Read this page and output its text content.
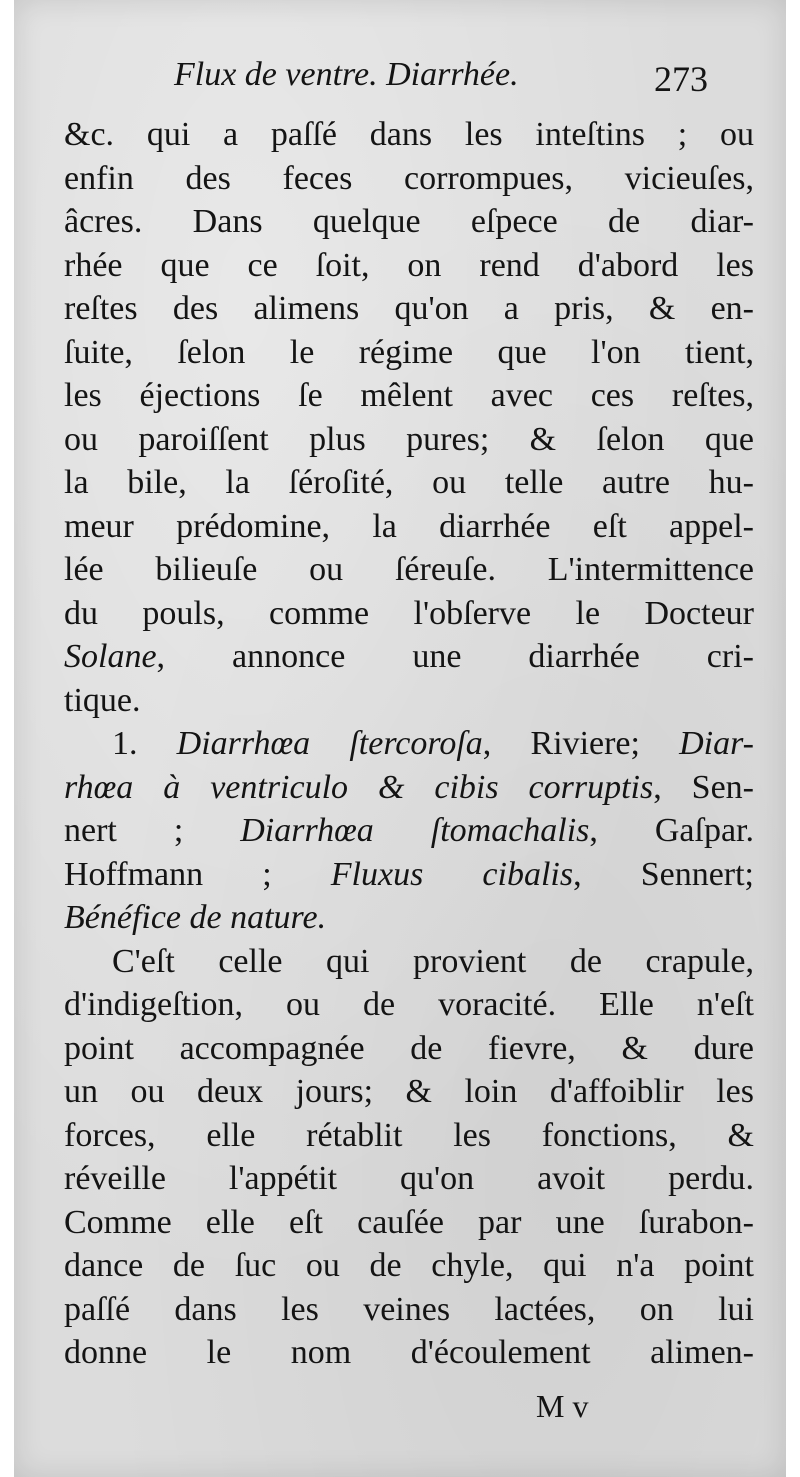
Flux de ventre. Diarrhée.	273
&c. qui a paſſé dans les inteſtins ; ou
enfin des feces corrompues, vicieuſes,
âcres. Dans quelque eſpece de diar-
rhée que ce ſoit, on rend d'abord les
reſtes des alimens qu'on a pris, & en-
ſuite, ſelon le régime que l'on tient,
les éjections ſe mêlent avec ces reſtes,
ou paroiſſent plus pures; & ſelon que
la bile, la ſéroſité, ou telle autre hu-
meur prédomine, la diarrhée eſt appel-
lée bilieuſe ou ſéreuſe. L'intermittence
du pouls, comme l'obſerve le Docteur
Solane, annonce une diarrhée cri-
tique.
1. Diarrhœa ſtercoroſa, Riviere; Diar-
rhœa à ventriculo & cibis corruptis, Sen-
nert ; Diarrhœa ſtomachalis, Gaſpar.
Hoffmann ; Fluxus cibalis, Sennert;
Bénéfice de nature.
C'eſt celle qui provient de crapule,
d'indigeſtion, ou de voracité. Elle n'eſt
point accompagnée de fievre, & dure
un ou deux jours; & loin d'affoiblir les
forces, elle rétablit les fonctions, &
réveille l'appétit qu'on avoit perdu.
Comme elle eſt cauſée par une ſurabon-
dance de ſuc ou de chyle, qui n'a point
paſſé dans les veines lactées, on lui
donne le nom d'écoulement alimen-
M v
